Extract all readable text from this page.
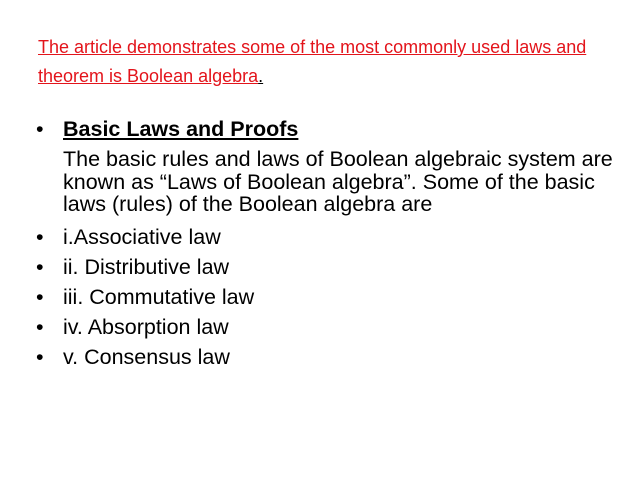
The article demonstrates some of the most commonly used laws and theorem is Boolean algebra.
• Basic Laws and Proofs
The basic rules and laws of Boolean algebraic system are known as “Laws of Boolean algebra”. Some of the basic laws (rules) of the Boolean algebra are
• i.Associative law
• ii. Distributive law
• iii. Commutative law
• iv. Absorption law
• v. Consensus law
